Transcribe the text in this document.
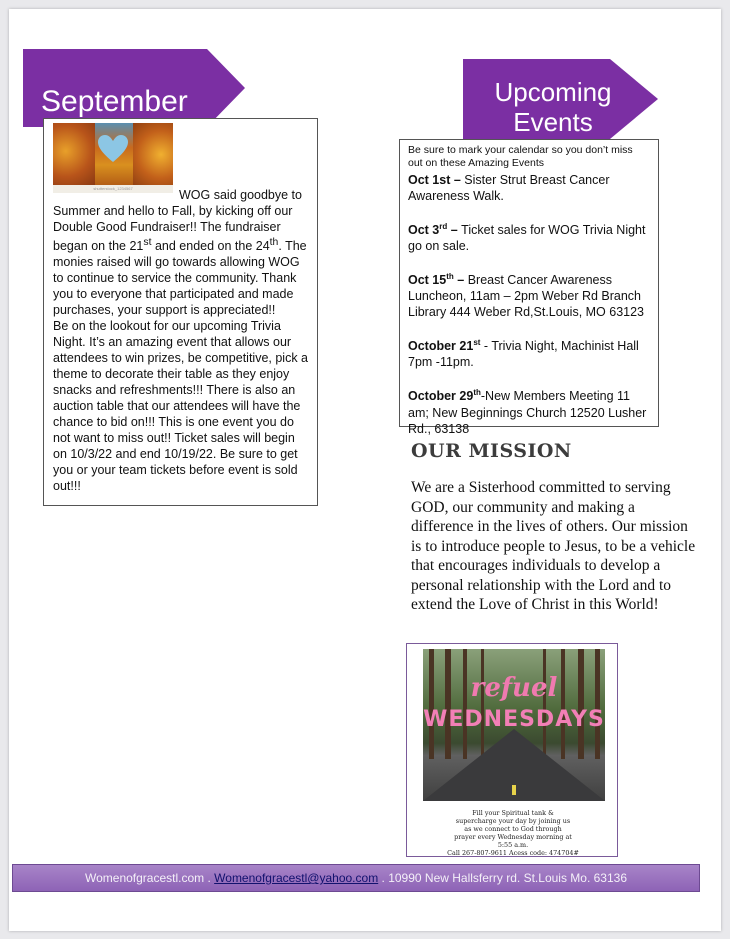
September	Upcoming
Events
shutterstock_1234567	WOG said goodbye to Summer and hello to Fall, by kicking off our Double Good Fundraiser!! The fundraiser began on the 21st and ended on the 24th. The monies raised will go towards allowing WOG to continue to service the community. Thank you to everyone that participated and made purchases, your support is appreciated!!

Be on the lookout for our upcoming Trivia Night. It’s an amazing event that allows our attendees to win prizes, be competitive, pick a theme to decorate their table as they enjoy snacks and refreshments!!! There is also an auction table that our attendees will have the chance to bid on!!! This is one event you do not want to miss out!! Ticket sales will begin on 10/3/22 and end 10/19/22. Be sure to get you or your team tickets before event is sold out!!!

Be sure to mark your calendar so you don’t miss out on these Amazing Events
Oct 1st – Sister Strut Breast Cancer Awareness Walk.
Oct 3rd – Ticket sales for WOG Trivia Night go on sale.
Oct 15th – Breast Cancer Awareness Luncheon, 11am – 2pm Weber Rd Branch Library 444 Weber Rd,St.Louis, MO 63123
October 21st - Trivia Night, Machinist Hall 7pm -11pm.
October 29th-New Members Meeting 11 am; New Beginnings Church 12520 Lusher Rd., 63138
OUR MISSION
We are a Sisterhood committed to serving GOD, our community and making a difference in the lives of others. Our mission is to introduce people to Jesus, to be a vehicle that encourages individuals to develop a personal relationship with the Lord and to extend the Love of Christ in this World!
refuel
WEDNESDAYS
Fill your Spiritual tank &
supercharge your day by joining us
as we connect to God through
prayer every Wednesday morning at
5:55 a.m.
Call 267-807-9611 Acess code: 474704#
Womenofgracestl.com . Womenofgracestl@yahoo.com . 10990 New Hallsferry rd. St.Louis Mo. 63136
